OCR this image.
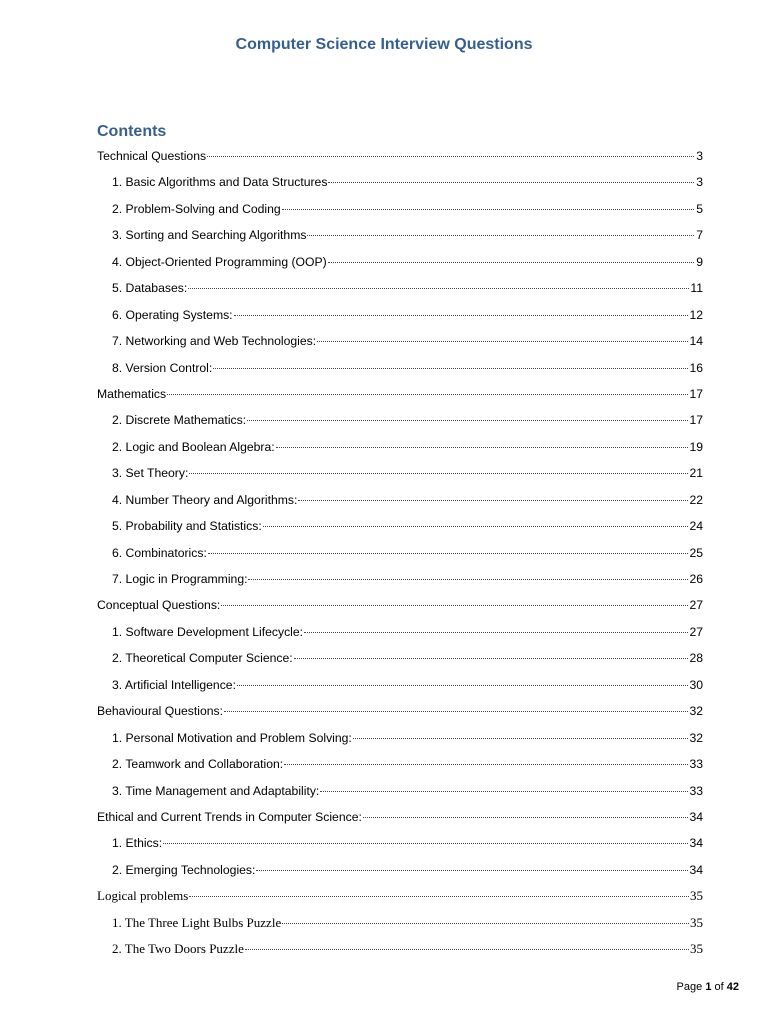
Computer Science Interview Questions
Contents
Technical Questions	3
1. Basic Algorithms and Data Structures	3
2. Problem-Solving and Coding	5
3. Sorting and Searching Algorithms	7
4. Object-Oriented Programming (OOP)	9
5. Databases:	11
6. Operating Systems:	12
7. Networking and Web Technologies:	14
8. Version Control:	16
Mathematics	17
2. Discrete Mathematics:	17
2. Logic and Boolean Algebra:	19
3. Set Theory:	21
4. Number Theory and Algorithms:	22
5. Probability and Statistics:	24
6. Combinatorics:	25
7. Logic in Programming:	26
Conceptual Questions:	27
1. Software Development Lifecycle:	27
2. Theoretical Computer Science:	28
3. Artificial Intelligence:	30
Behavioural Questions:	32
1. Personal Motivation and Problem Solving:	32
2. Teamwork and Collaboration:	33
3. Time Management and Adaptability:	33
Ethical and Current Trends in Computer Science:	34
1. Ethics:	34
2. Emerging Technologies:	34
Logical problems	35
1. The Three Light Bulbs Puzzle	35
2. The Two Doors Puzzle	35
Page 1 of 42
